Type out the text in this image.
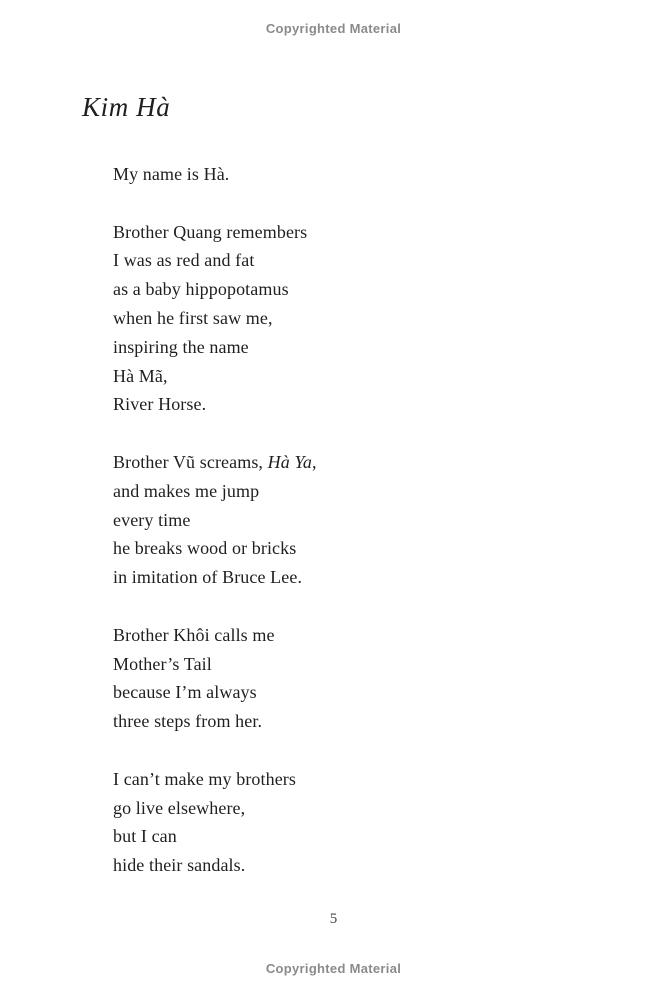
Copyrighted Material
Kim Hà
My name is Hà.
Brother Quang remembers
I was as red and fat
as a baby hippopotamus
when he first saw me,
inspiring the name
Hà Mã,
River Horse.
Brother Vũ screams, Hà Ya,
and makes me jump
every time
he breaks wood or bricks
in imitation of Bruce Lee.
Brother Khôi calls me
Mother’s Tail
because I’m always
three steps from her.
I can’t make my brothers
go live elsewhere,
but I can
hide their sandals.
5
Copyrighted Material
